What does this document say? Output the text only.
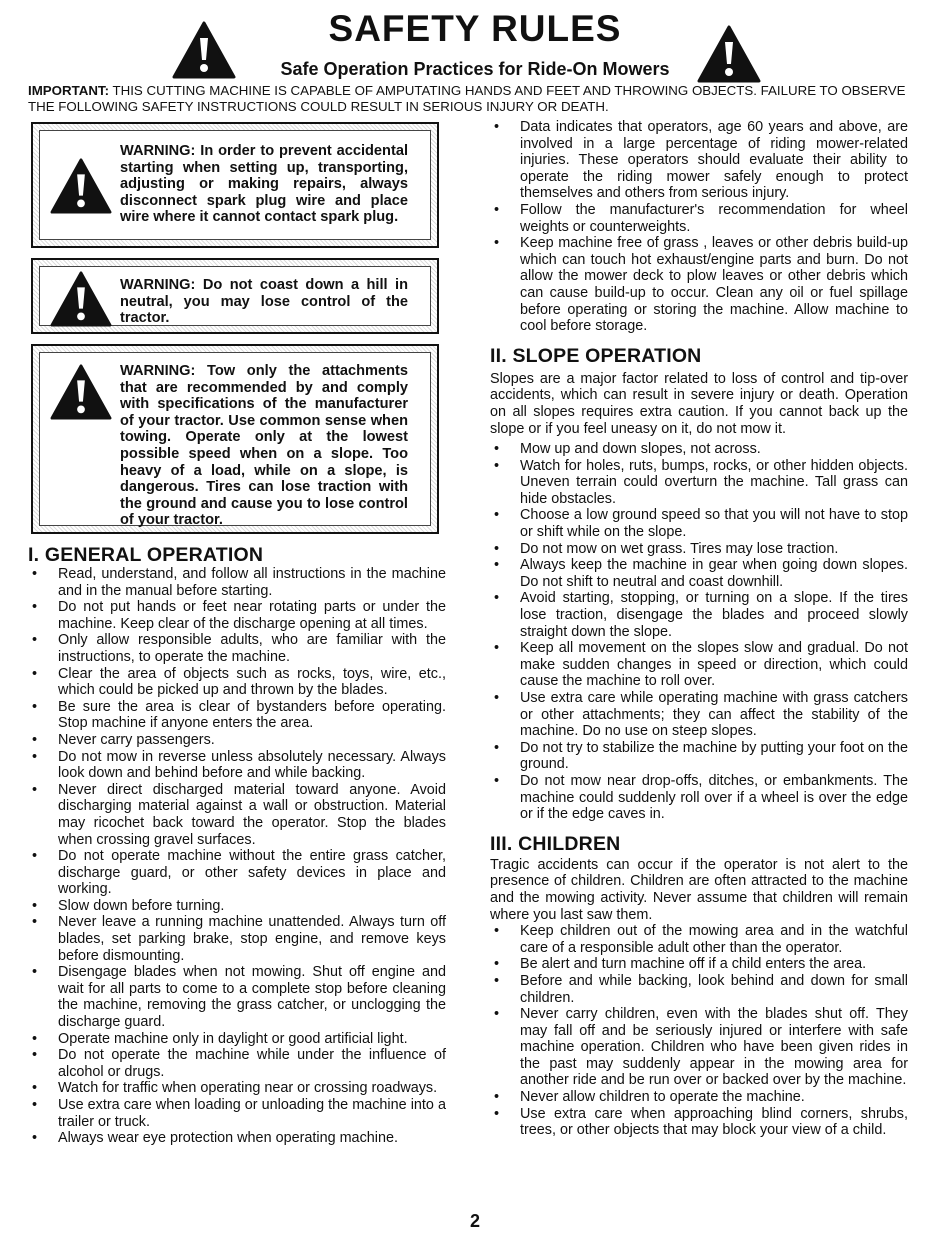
SAFETY RULES
Safe Operation Practices for Ride-On Mowers
IMPORTANT: THIS CUTTING MACHINE IS CAPABLE OF AMPUTATING HANDS AND FEET AND THROWING OBJECTS. FAILURE TO OBSERVE THE FOLLOWING SAFETY INSTRUCTIONS COULD RESULT IN SERIOUS INJURY OR DEATH.
WARNING: In order to prevent accidental starting when setting up, transporting, adjusting or making repairs, always disconnect spark plug wire and place wire where it cannot contact spark plug.
WARNING: Do not coast down a hill in neutral, you may lose control of the tractor.
WARNING: Tow only the attachments that are recommended by and comply with specifications of the manufacturer of your tractor. Use common sense when towing. Operate only at the lowest possible speed when on a slope. Too heavy of a load, while on a slope, is dangerous. Tires can lose traction with the ground and cause you to lose control of your tractor.
I. GENERAL OPERATION
• Read, understand, and follow all instructions in the machine and in the manual before starting.
• Do not put hands or feet near rotating parts or under the machine. Keep clear of the discharge opening at all times.
• Only allow responsible adults, who are familiar with the instructions, to operate the machine.
• Clear the area of objects such as rocks, toys, wire, etc., which could be picked up and thrown by the blades.
• Be sure the area is clear of bystanders before operating. Stop machine if anyone enters the area.
• Never carry passengers.
• Do not mow in reverse unless absolutely necessary. Always look down and behind before and while backing.
• Never direct discharged material toward anyone. Avoid discharging material against a wall or obstruction. Material may ricochet back toward the operator. Stop the blades when crossing gravel surfaces.
• Do not operate machine without the entire grass catcher, discharge guard, or other safety devices in place and working.
• Slow down before turning.
• Never leave a running machine unattended. Always turn off blades, set parking brake, stop engine, and remove keys before dismounting.
• Disengage blades when not mowing. Shut off engine and wait for all parts to come to a complete stop before cleaning the machine, removing the grass catcher, or unclogging the discharge guard.
• Operate machine only in daylight or good artificial light.
• Do not operate the machine while under the influence of alcohol or drugs.
• Watch for traffic when operating near or crossing roadways.
• Use extra care when loading or unloading the machine into a trailer or truck.
• Always wear eye protection when operating machine.
• Data indicates that operators, age 60 years and above, are involved in a large percentage of riding mower-related injuries. These operators should evaluate their ability to operate the riding mower safely enough to protect themselves and others from serious injury.
• Follow the manufacturer's recommendation for wheel weights or counterweights.
• Keep machine free of grass , leaves or other debris build-up which can touch hot exhaust/engine parts and burn. Do not allow the mower deck to plow leaves or other debris which can cause build-up to occur. Clean any oil or fuel spillage before operating or storing the machine. Allow machine to cool before storage.
II. SLOPE OPERATION

Slopes are a major factor related to loss of control and tip-over accidents, which can result in severe injury or death. Operation on all slopes requires extra caution. If you cannot back up the slope or if you feel uneasy on it, do not mow it.

• Mow up and down slopes, not across.
• Watch for holes, ruts, bumps, rocks, or other hidden objects. Uneven terrain could overturn the machine. Tall grass can hide obstacles.
• Choose a low ground speed so that you will not have to stop or shift while on the slope.
• Do not mow on wet grass. Tires may lose traction.
• Always keep the machine in gear when going down slopes. Do not shift to neutral and coast downhill.
• Avoid starting, stopping, or turning on a slope. If the tires lose traction, disengage the blades and proceed slowly straight down the slope.
• Keep all movement on the slopes slow and gradual. Do not make sudden changes in speed or direction, which could cause the machine to roll over.
• Use extra care while operating machine with grass catchers or other attachments; they can affect the stability of the machine. Do no use on steep slopes.
• Do not try to stabilize the machine by putting your foot on the ground.
• Do not mow near drop-offs, ditches, or embankments. The machine could suddenly roll over if a wheel is over the edge or if the edge caves in.
III. CHILDREN

Tragic accidents can occur if the operator is not alert to the presence of children. Children are often attracted to the machine and the mowing activity. Never assume that children will remain where you last saw them.

• Keep children out of the mowing area and in the watchful care of a responsible adult other than the operator.
• Be alert and turn machine off if a child enters the area.
• Before and while backing, look behind and down for small children.
• Never carry children, even with the blades shut off. They may fall off and be seriously injured or interfere with safe machine operation. Children who have been given rides in the past may suddenly appear in the mowing area for another ride and be run over or backed over by the machine.
• Never allow children to operate the machine.
• Use extra care when approaching blind corners, shrubs, trees, or other objects that may block your view of a child.
2
